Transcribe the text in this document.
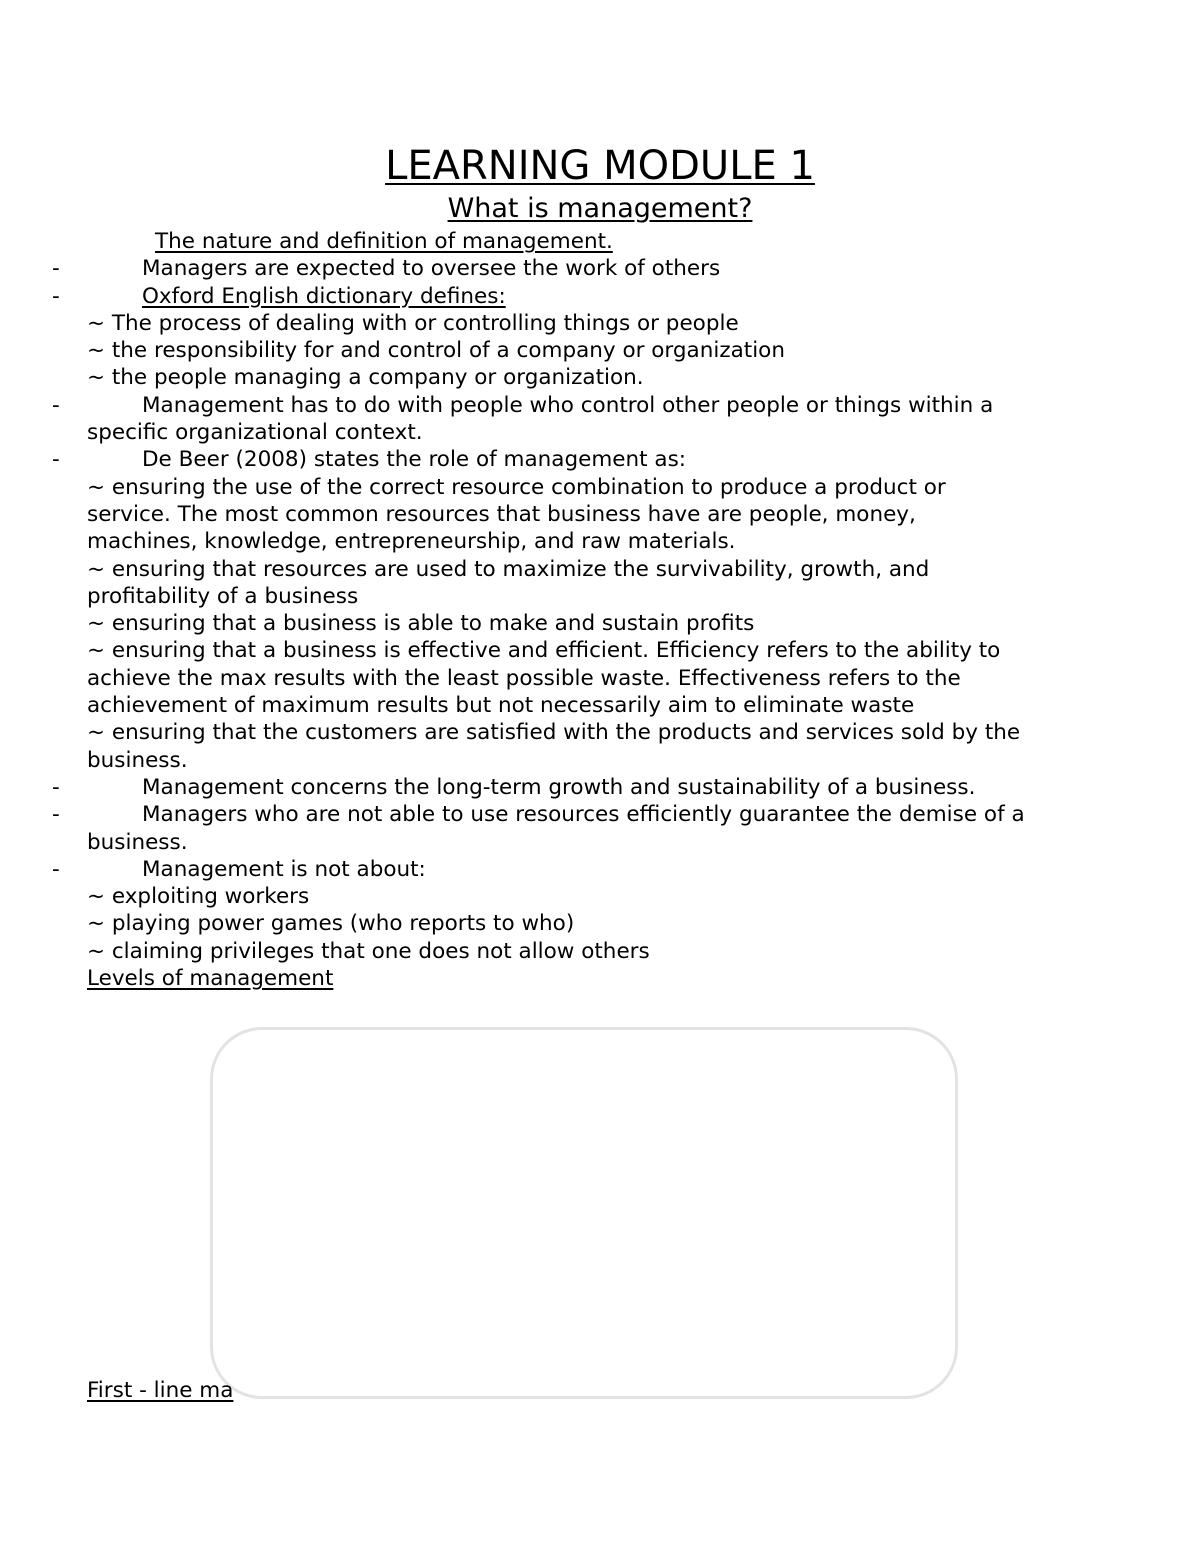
LEARNING MODULE 1
What is management?
The nature and definition of management.
-	Managers are expected to oversee the work of others
-	Oxford English dictionary defines:
~ The process of dealing with or controlling things or people
~ the responsibility for and control of a company or organization
~ the people managing a company or organization.
-	Management has to do with people who control other people or things within a
specific organizational context.
-	De Beer (2008) states the role of management as:
~ ensuring the use of the correct resource combination to produce a product or
service. The most common resources that business have are people, money,
machines, knowledge, entrepreneurship, and raw materials.
~ ensuring that resources are used to maximize the survivability, growth, and
profitability of a business
~ ensuring that a business is able to make and sustain profits
~ ensuring that a business is effective and efficient. Efficiency refers to the ability to
achieve the max results with the least possible waste. Effectiveness refers to the
achievement of maximum results but not necessarily aim to eliminate waste
~ ensuring that the customers are satisfied with the products and services sold by the
business.
-	Management concerns the long-term growth and sustainability of a business.
-	Managers who are not able to use resources efficiently guarantee the demise of a
business.
-	Management is not about:
~ exploiting workers
~ playing power games (who reports to who)
~ claiming privileges that one does not allow others
Levels of management
First - line ma
